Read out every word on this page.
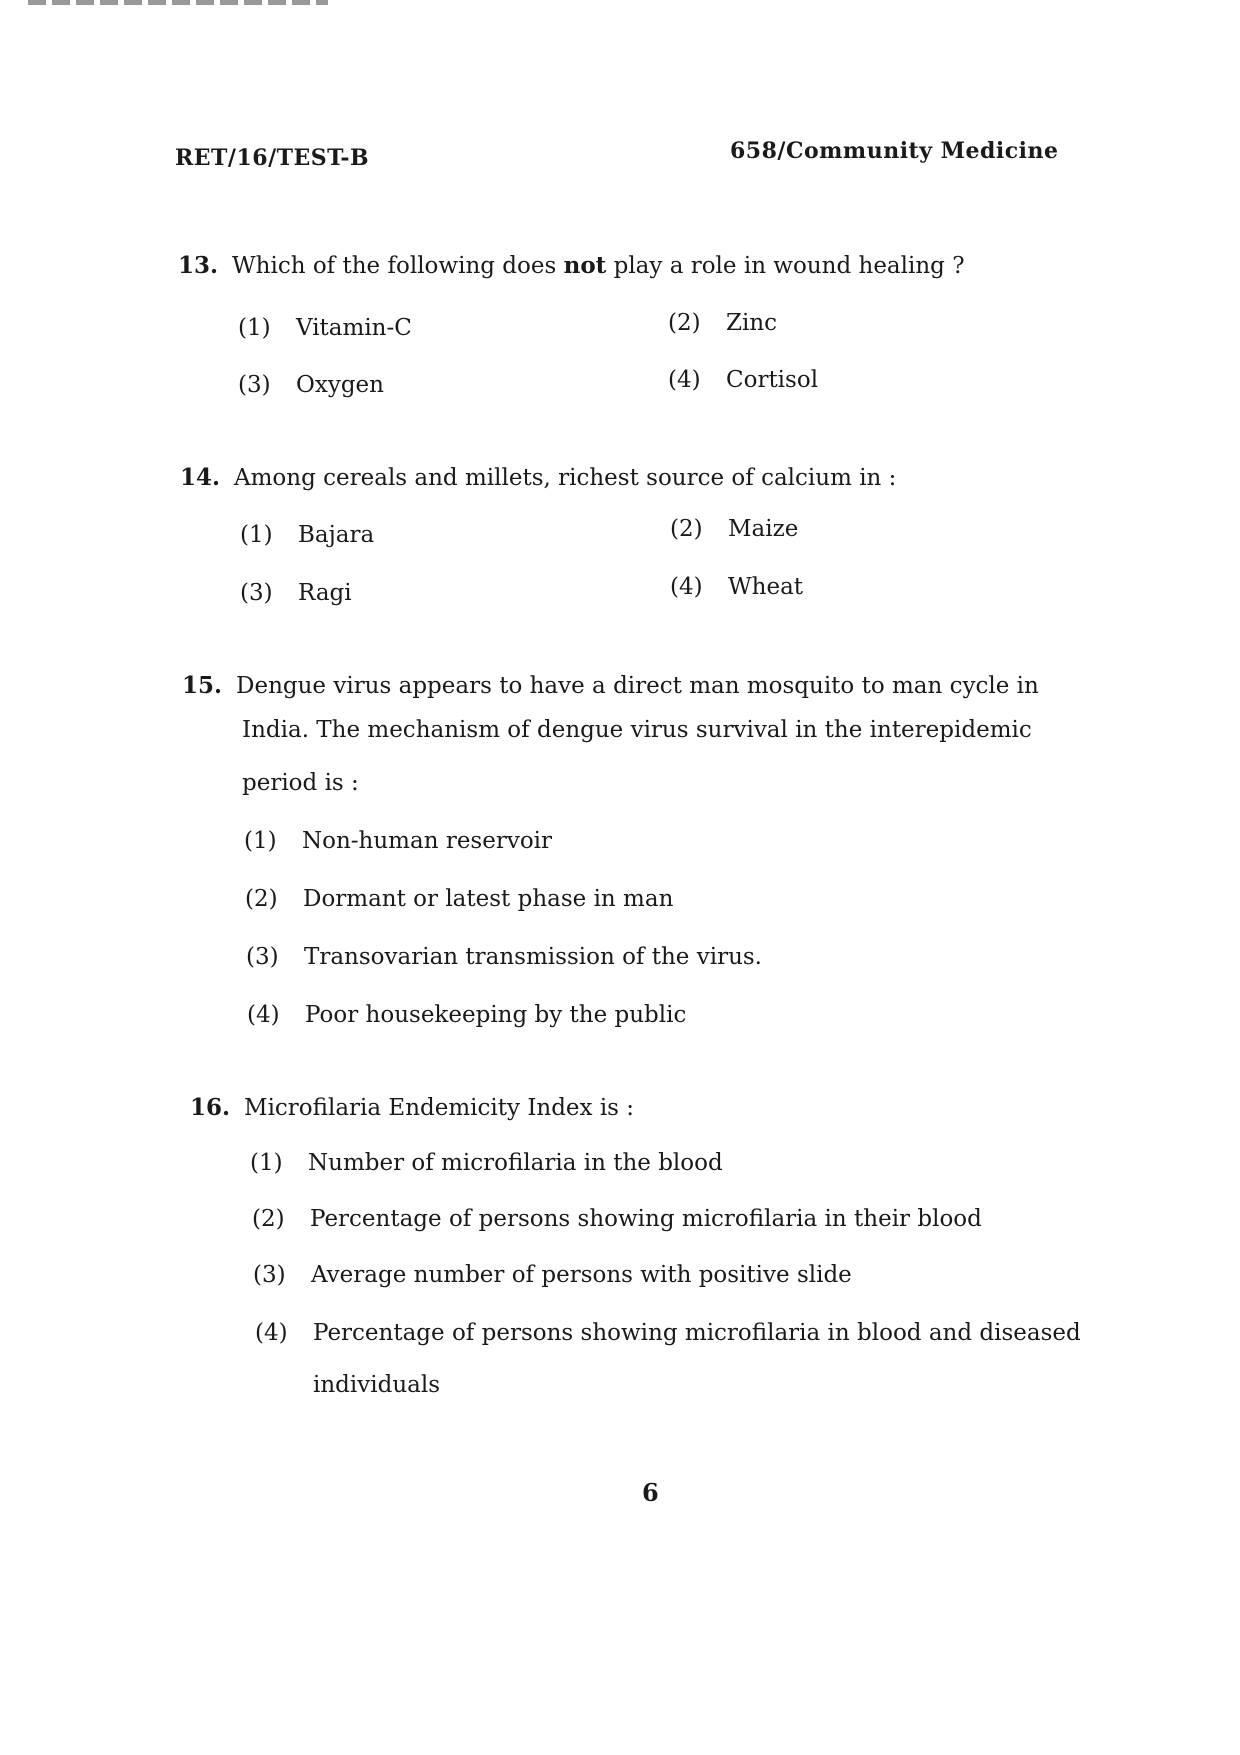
RET/16/TEST-B	658/Community Medicine
13. Which of the following does not play a role in wound healing ?
(1) Vitamin-C	(2) Zinc
(3) Oxygen	(4) Cortisol
14. Among cereals and millets, richest source of calcium in :
(1) Bajara	(2) Maize
(3) Ragi	(4) Wheat
15. Dengue virus appears to have a direct man mosquito to man cycle in
India. The mechanism of dengue virus survival in the interepidemic
period is :
(1) Non-human reservoir
(2) Dormant or latest phase in man
(3) Transovarian transmission of the virus.
(4) Poor housekeeping by the public
16. Microfilaria Endemicity Index is :
(1) Number of microfilaria in the blood
(2) Percentage of persons showing microfilaria in their blood
(3) Average number of persons with positive slide
(4) Percentage of persons showing microfilaria in blood and diseased
individuals
6
